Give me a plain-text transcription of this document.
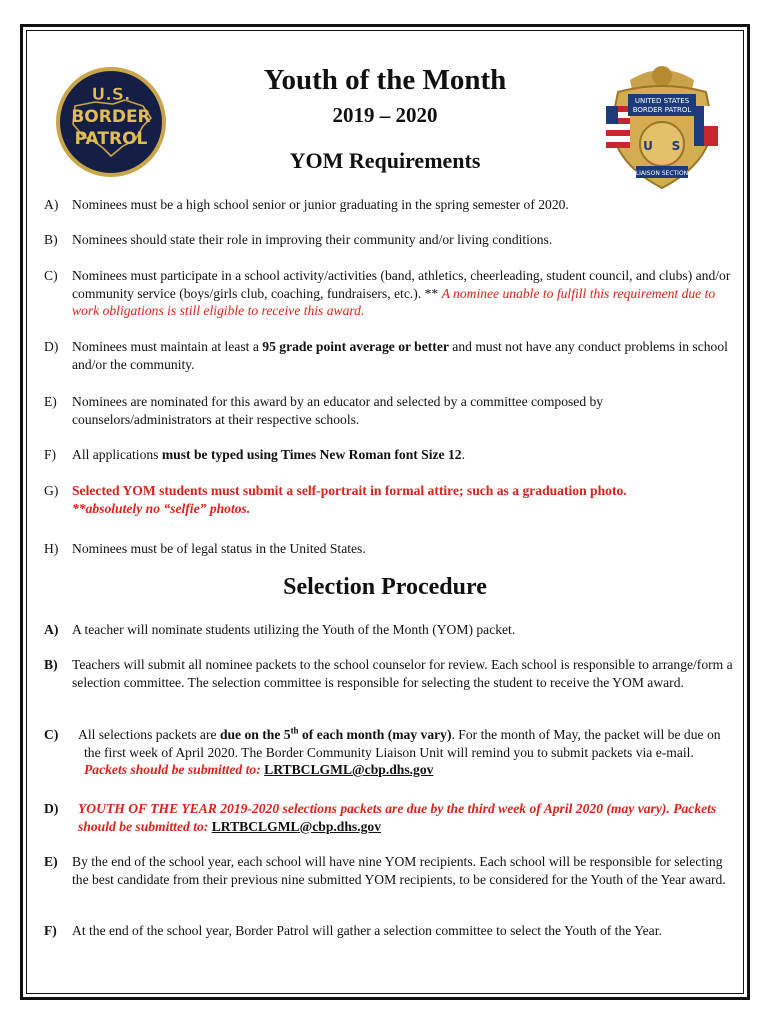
U.S.
BORDER
PATROL
UNITED STATES
BORDER PATROL
U S
LIAISON SECTION
Youth of the Month
2019 – 2020
YOM Requirements
A) Nominees must be a high school senior or junior graduating in the spring semester of 2020.
B) Nominees should state their role in improving their community and/or living conditions.
C) Nominees must participate in a school activity/activities (band, athletics, cheerleading, student council, and clubs) and/or community service (boys/girls club, coaching, fundraisers, etc.). ** A nominee unable to fulfill this requirement due to work obligations is still eligible to receive this award.
D) Nominees must maintain at least a 95 grade point average or better and must not have any conduct problems in school and/or the community.
E) Nominees are nominated for this award by an educator and selected by a committee composed by counselors/administrators at their respective schools.
F) All applications must be typed using Times New Roman font Size 12.
G) Selected YOM students must submit a self-portrait in formal attire; such as a graduation photo.
**absolutely no “selfie” photos.
H) Nominees must be of legal status in the United States.
Selection Procedure
A) A teacher will nominate students utilizing the Youth of the Month (YOM) packet.
B) Teachers will submit all nominee packets to the school counselor for review. Each school is responsible to arrange/form a selection committee. The selection committee is responsible for selecting the student to receive the YOM award.
C) All selections packets are due on the 5th of each month (may vary). For the month of May, the packet will be due on the first week of April 2020. The Border Community Liaison Unit will remind you to submit packets via e-mail. Packets should be submitted to: LRTBCLGML@cbp.dhs.gov
D) YOUTH OF THE YEAR 2019-2020 selections packets are due by the third week of April 2020 (may vary). Packets should be submitted to: LRTBCLGML@cbp.dhs.gov
E) By the end of the school year, each school will have nine YOM recipients. Each school will be responsible for selecting the best candidate from their previous nine submitted YOM recipients, to be considered for the Youth of the Year award.
F) At the end of the school year, Border Patrol will gather a selection committee to select the Youth of the Year.
